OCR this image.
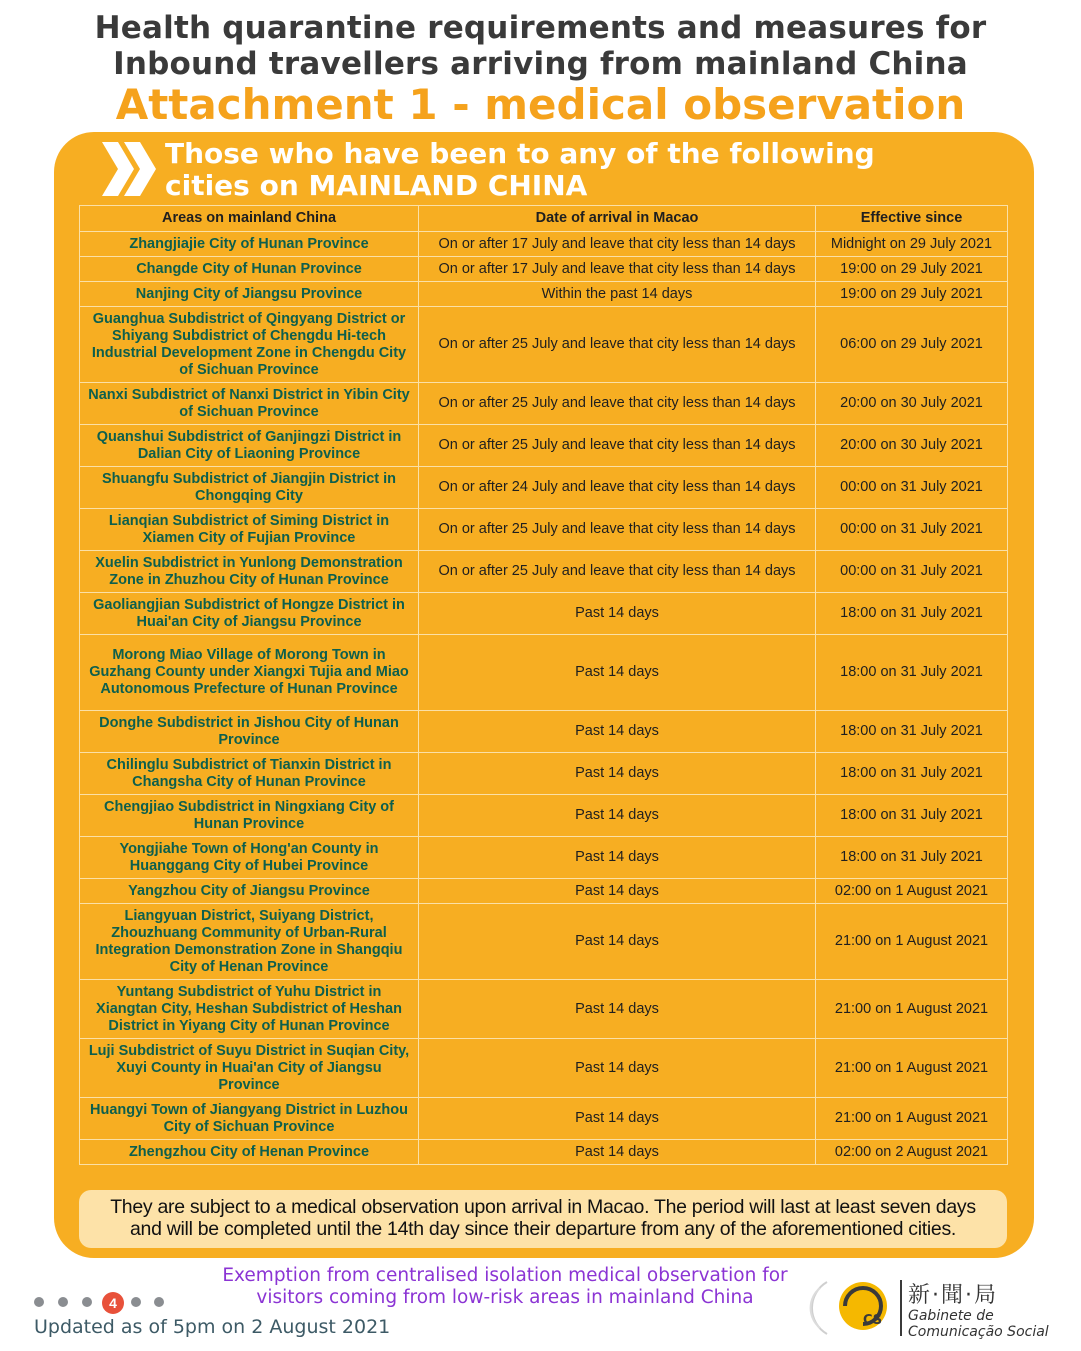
Health quarantine requirements and measures for
Inbound travellers arriving from mainland China
Attachment 1 - medical observation
Those who have been to any of the following
cities on MAINLAND CHINA
Areas on mainland China	Date of arrival in Macao	Effective since
Zhangjiajie City of Hunan Province	On or after 17 July and leave that city less than 14 days	Midnight on 29 July 2021
Changde City of Hunan Province	On or after 17 July and leave that city less than 14 days	19:00 on 29 July 2021
Nanjing City of Jiangsu Province	Within the past 14 days	19:00 on 29 July 2021
Guanghua Subdistrict of Qingyang District or Shiyang Subdistrict of Chengdu Hi-tech Industrial Development Zone in Chengdu City of Sichuan Province	On or after 25 July and leave that city less than 14 days	06:00 on 29 July 2021
Nanxi Subdistrict of Nanxi District in Yibin City of Sichuan Province	On or after 25 July and leave that city less than 14 days	20:00 on 30 July 2021
Quanshui Subdistrict of Ganjingzi District in Dalian City of Liaoning Province	On or after 25 July and leave that city less than 14 days	20:00 on 30 July 2021
Shuangfu Subdistrict of Jiangjin District in Chongqing City	On or after 24 July and leave that city less than 14 days	00:00 on 31 July 2021
Lianqian Subdistrict of Siming District in Xiamen City of Fujian Province	On or after 25 July and leave that city less than 14 days	00:00 on 31 July 2021
Xuelin Subdistrict in Yunlong Demonstration Zone in Zhuzhou City of Hunan Province	On or after 25 July and leave that city less than 14 days	00:00 on 31 July 2021
Gaoliangjian Subdistrict of Hongze District in Huai'an City of Jiangsu Province	Past 14 days	18:00 on 31 July 2021
Morong Miao Village of Morong Town in Guzhang County under Xiangxi Tujia and Miao Autonomous Prefecture of Hunan Province	Past 14 days	18:00 on 31 July 2021
Donghe Subdistrict in Jishou City of Hunan Province	Past 14 days	18:00 on 31 July 2021
Chilinglu Subdistrict of Tianxin District in Changsha City of Hunan Province	Past 14 days	18:00 on 31 July 2021
Chengjiao Subdistrict in Ningxiang City of Hunan Province	Past 14 days	18:00 on 31 July 2021
Yongjiahe Town of Hong'an County in Huanggang City of Hubei Province	Past 14 days	18:00 on 31 July 2021
Yangzhou City of Jiangsu Province	Past 14 days	02:00 on 1 August 2021
Liangyuan District, Suiyang District, Zhouzhuang Community of Urban-Rural Integration Demonstration Zone in Shangqiu City of Henan Province	Past 14 days	21:00 on 1 August 2021
Yuntang Subdistrict of Yuhu District in Xiangtan City, Heshan Subdistrict of Heshan District in Yiyang City of Hunan Province	Past 14 days	21:00 on 1 August 2021
Luji Subdistrict of Suyu District in Suqian City, Xuyi County in Huai'an City of Jiangsu Province	Past 14 days	21:00 on 1 August 2021
Huangyi Town of Jiangyang District in Luzhou City of Sichuan Province	Past 14 days	21:00 on 1 August 2021
Zhengzhou City of Henan Province	Past 14 days	02:00 on 2 August 2021
They are subject to a medical observation upon arrival in Macao. The period will last at least seven days
and will be completed until the 14th day since their departure from any of the aforementioned cities.
4
Updated as of 5pm on 2 August 2021
Exemption from centralised isolation medical observation for
visitors coming from low-risk areas in mainland China
CS
新·聞·局
Gabinete de
Comunicação Social
